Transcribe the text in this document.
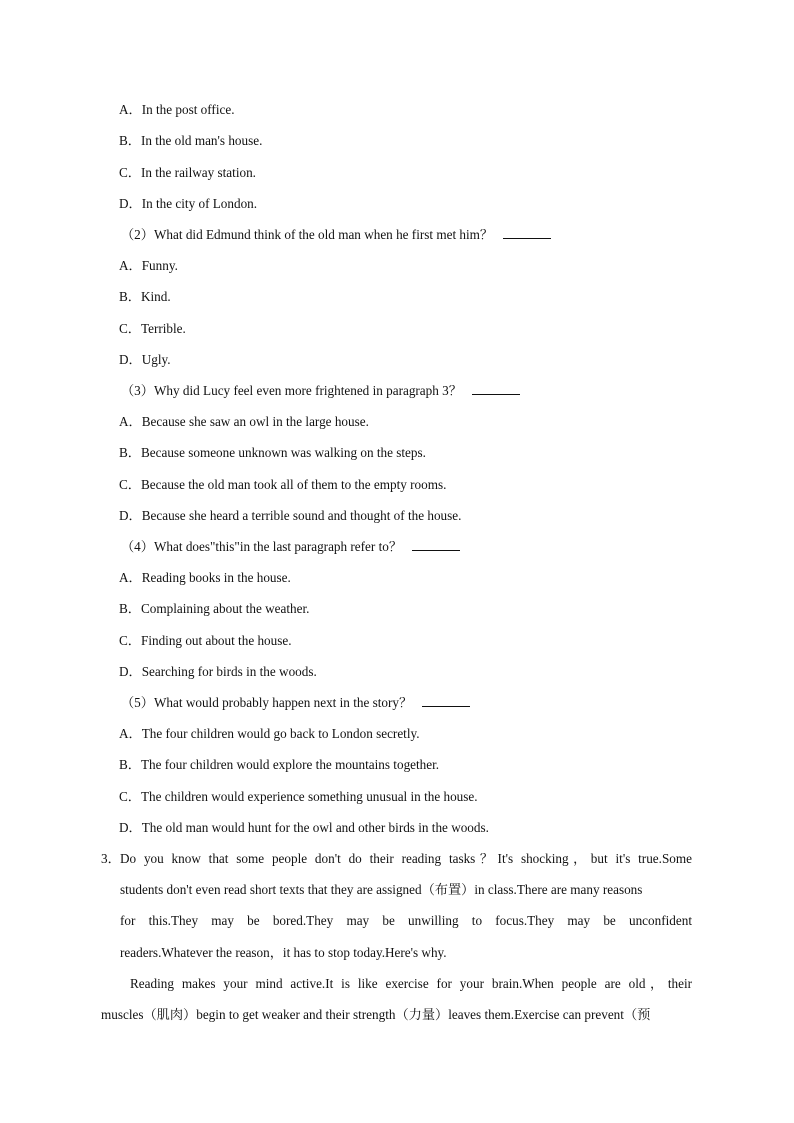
A．In the post office.
B．In the old man's house.
C．In the railway station.
D．In the city of London.
（2）What did Edmund think of the old man when he first met him？
A．Funny.
B．Kind.
C．Terrible.
D．Ugly.
（3）Why did Lucy feel even more frightened in paragraph 3？
A．Because she saw an owl in the large house.
B．Because someone unknown was walking on the steps.
C．Because the old man took all of them to the empty rooms.
D．Because she heard a terrible sound and thought of the house.
（4）What does"this"in the last paragraph refer to？
A．Reading books in the house.
B．Complaining about the weather.
C．Finding out about the house.
D．Searching for birds in the woods.
（5）What would probably happen next in the story？
A．The four children would go back to London secretly.
B．The four children would explore the mountains together.
C．The children would experience something unusual in the house.
D．The old man would hunt for the owl and other birds in the woods.
3． Do you know that some people don't do their reading tasks？It's shocking，but it's true.Some
students don't even read short texts that they are assigned（布置）in class.There are many reasons
for this.They may be bored.They may be unwilling to focus.They may be unconfident
readers.Whatever the reason，it has to stop today.Here's why.
Reading makes your mind active.It is like exercise for your brain.When people are old，their
muscles（肌肉）begin to get weaker and their strength（力量）leaves them.Exercise can prevent（预
